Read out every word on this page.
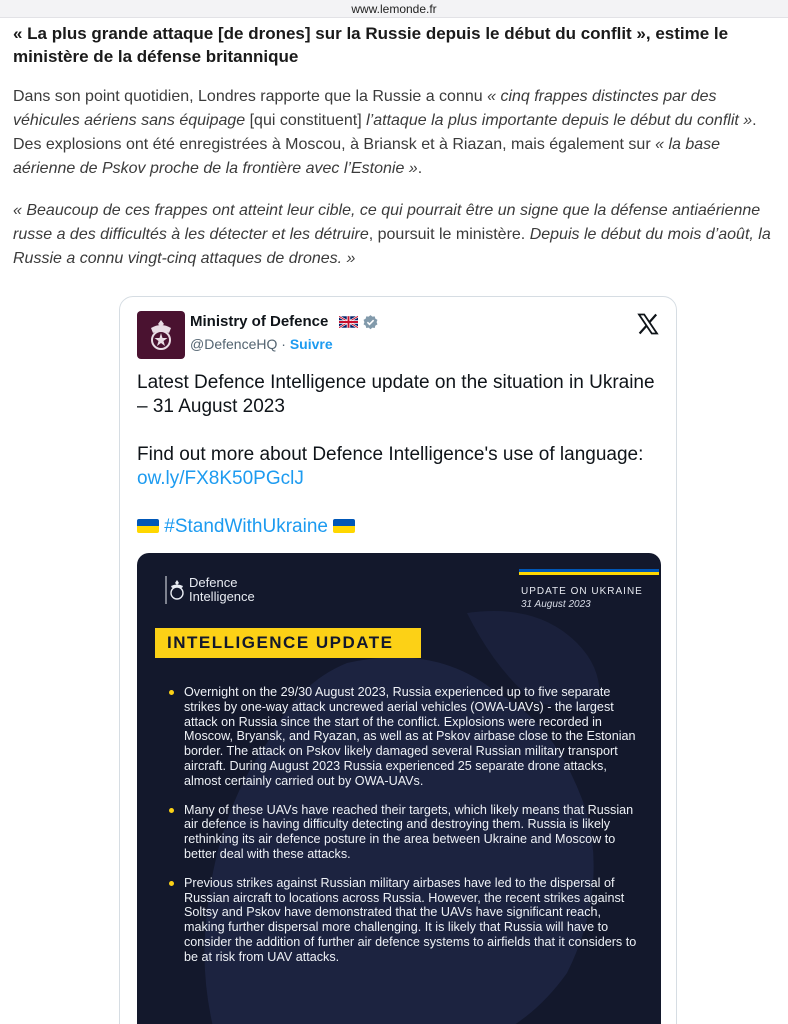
www.lemonde.fr
« La plus grande attaque [de drones] sur la Russie depuis le début du conflit », estime le ministère de la défense britannique

Dans son point quotidien, Londres rapporte que la Russie a connu « cinq frappes distinctes par des véhicules aériens sans équipage [qui constituent] l’attaque la plus importante depuis le début du conflit ». Des explosions ont été enregistrées à Moscou, à Briansk et à Riazan, mais également sur « la base aérienne de Pskov proche de la frontière avec l’Estonie ».

« Beaucoup de ces frappes ont atteint leur cible, ce qui pourrait être un signe que la défense antiaérienne russe a des difficultés à les détecter et les détruire, poursuit le ministère. Depuis le début du mois d’août, la Russie a connu vingt-cinq attaques de drones. »

Ministry of Defence
@DefenceHQ · Suivre
Latest Defence Intelligence update on the situation in Ukraine – 31 August 2023
Find out more about Defence Intelligence's use of language: ow.ly/FX8K50PGclJ
#StandWithUkraine
Defence
Intelligence	UPDATE ON UKRAINE
31 August 2023
INTELLIGENCE UPDATE
Overnight on the 29/30 August 2023, Russia experienced up to five separate strikes by one-way attack uncrewed aerial vehicles (OWA-UAVs) - the largest attack on Russia since the start of the conflict. Explosions were recorded in Moscow, Bryansk, and Ryazan, as well as at Pskov airbase close to the Estonian border. The attack on Pskov likely damaged several Russian military transport aircraft. During August 2023 Russia experienced 25 separate drone attacks, almost certainly carried out by OWA-UAVs.
Many of these UAVs have reached their targets, which likely means that Russian air defence is having difficulty detecting and destroying them. Russia is likely rethinking its air defence posture in the area between Ukraine and Moscow to better deal with these attacks.
Previous strikes against Russian military airbases have led to the dispersal of Russian aircraft to locations across Russia. However, the recent strikes against Soltsy and Pskov have demonstrated that the UAVs have significant reach, making further dispersal more challenging. It is likely that Russia will have to consider the addition of further air defence systems to airfields that it considers to be at risk from UAV attacks.
